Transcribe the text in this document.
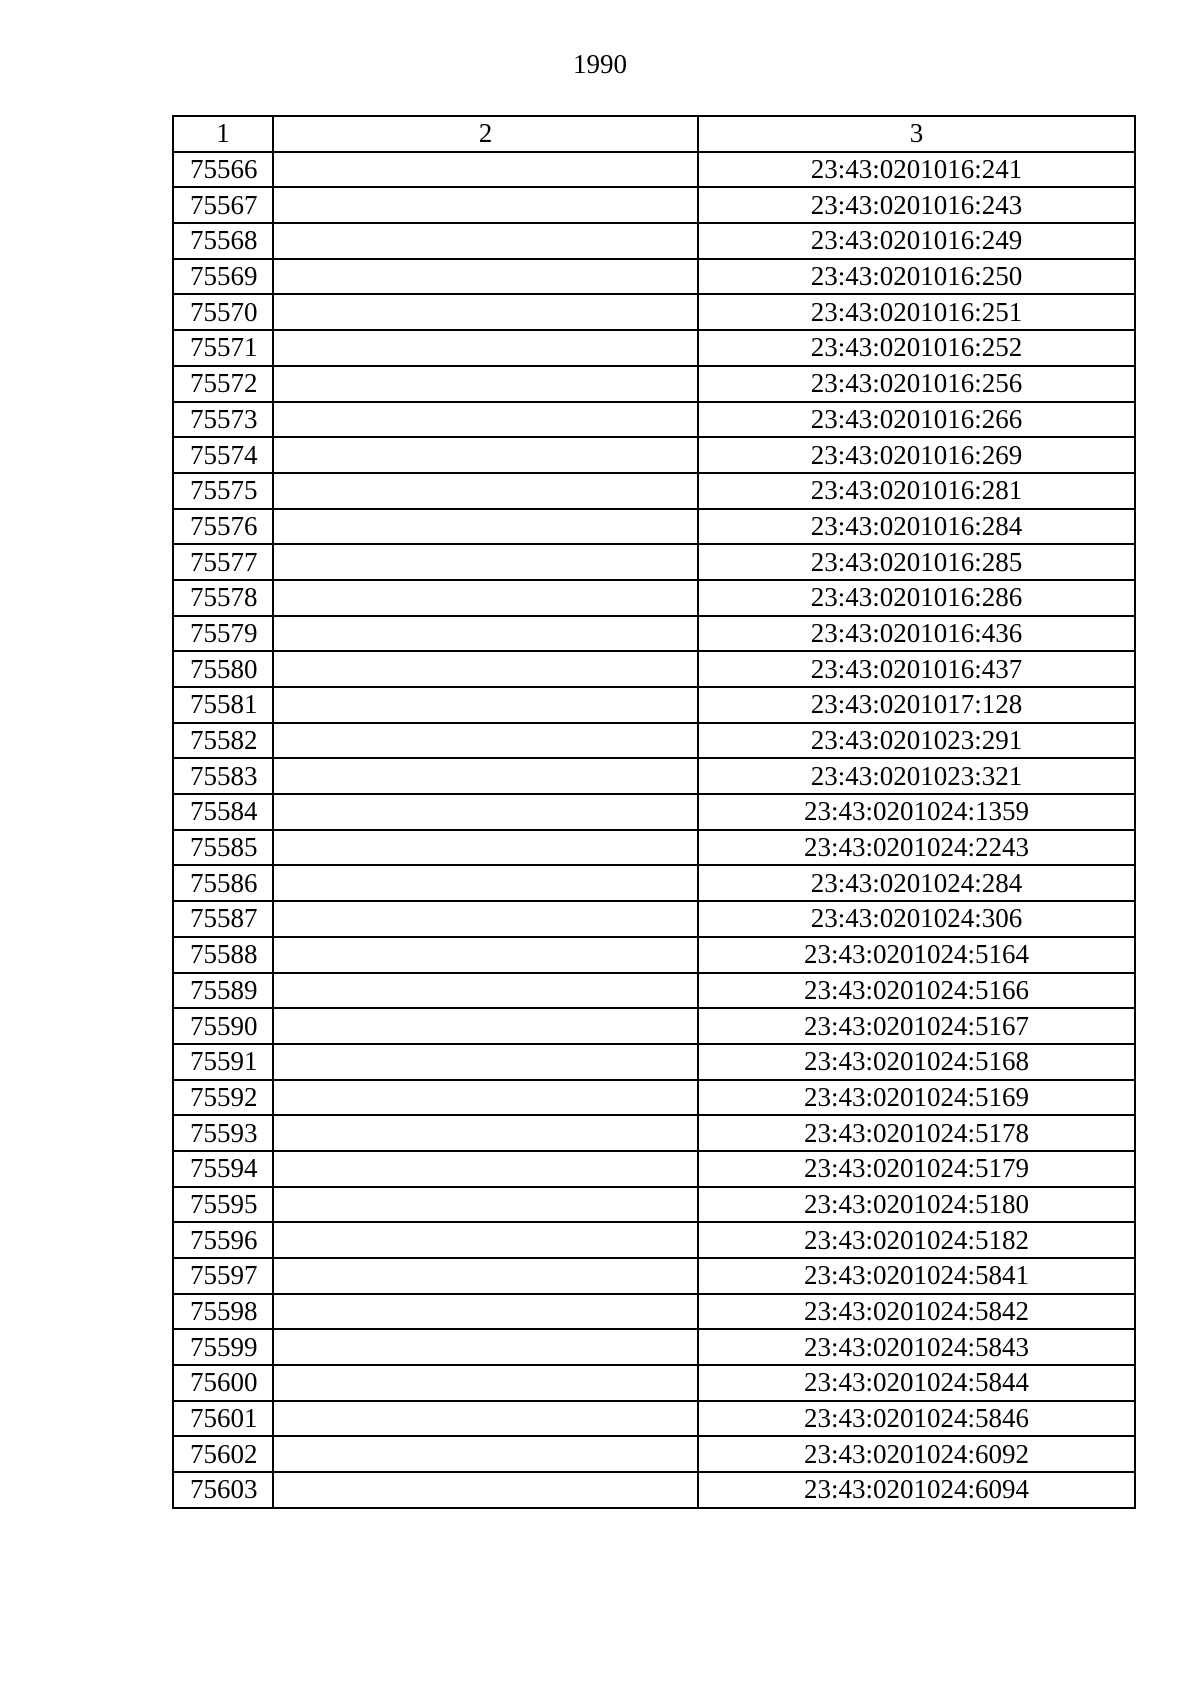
1990
1	2	3
75566		23:43:0201016:241
75567		23:43:0201016:243
75568		23:43:0201016:249
75569		23:43:0201016:250
75570		23:43:0201016:251
75571		23:43:0201016:252
75572		23:43:0201016:256
75573		23:43:0201016:266
75574		23:43:0201016:269
75575		23:43:0201016:281
75576		23:43:0201016:284
75577		23:43:0201016:285
75578		23:43:0201016:286
75579		23:43:0201016:436
75580		23:43:0201016:437
75581		23:43:0201017:128
75582		23:43:0201023:291
75583		23:43:0201023:321
75584		23:43:0201024:1359
75585		23:43:0201024:2243
75586		23:43:0201024:284
75587		23:43:0201024:306
75588		23:43:0201024:5164
75589		23:43:0201024:5166
75590		23:43:0201024:5167
75591		23:43:0201024:5168
75592		23:43:0201024:5169
75593		23:43:0201024:5178
75594		23:43:0201024:5179
75595		23:43:0201024:5180
75596		23:43:0201024:5182
75597		23:43:0201024:5841
75598		23:43:0201024:5842
75599		23:43:0201024:5843
75600		23:43:0201024:5844
75601		23:43:0201024:5846
75602		23:43:0201024:6092
75603		23:43:0201024:6094
